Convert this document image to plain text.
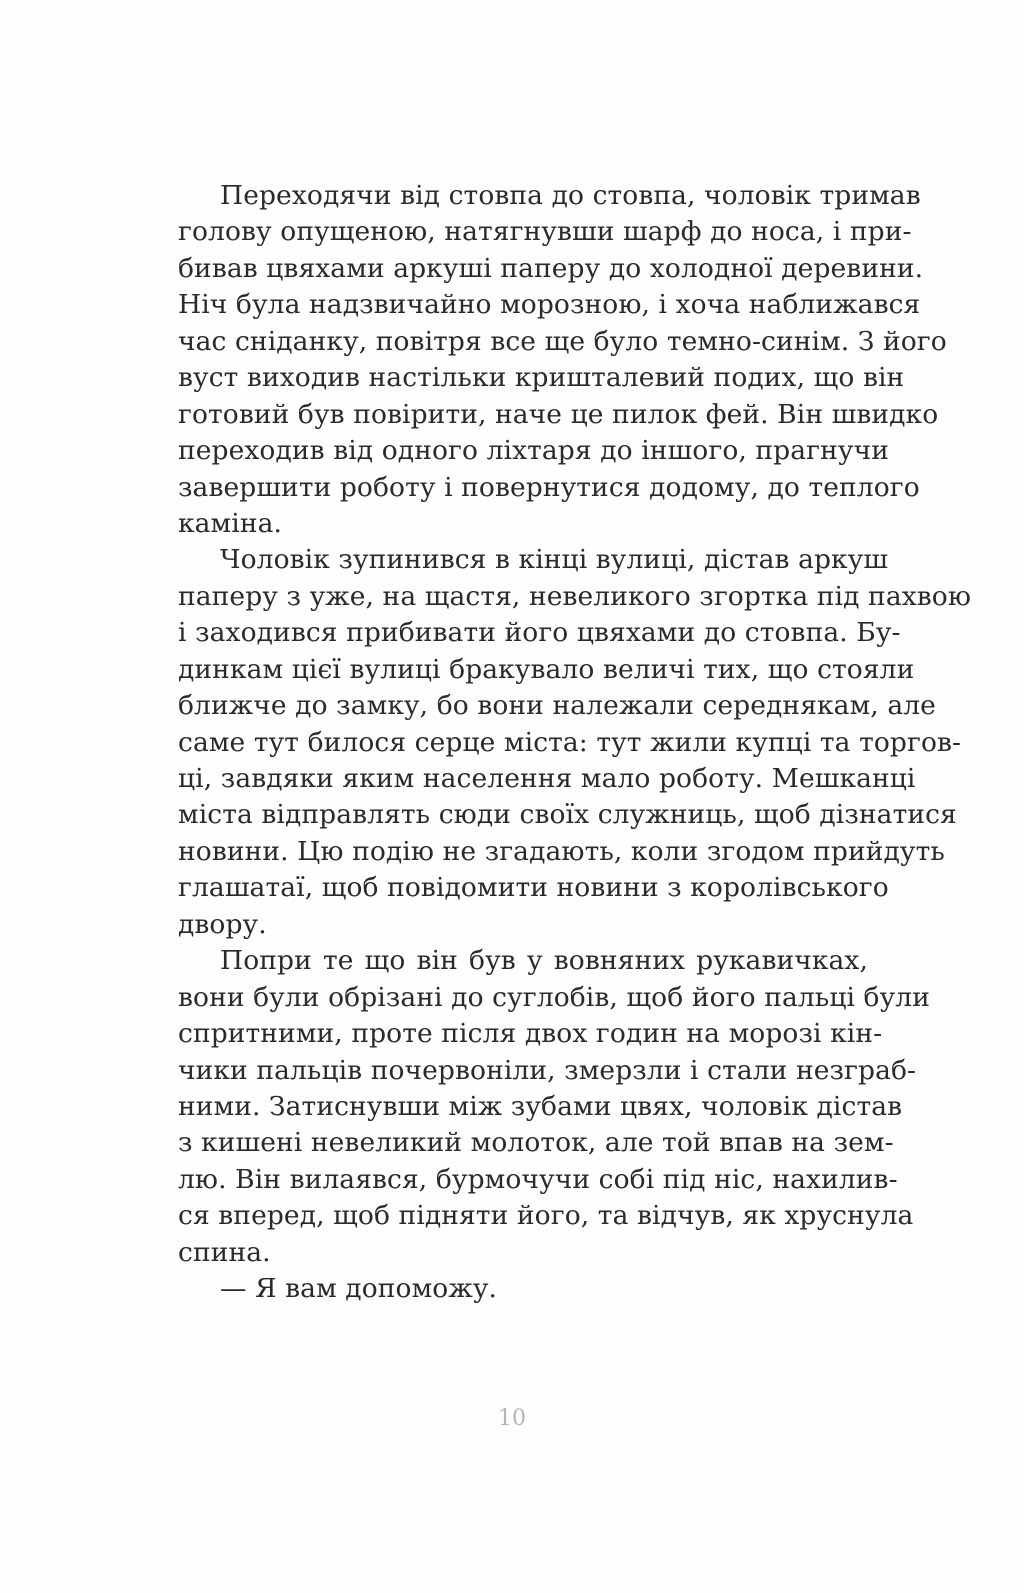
Переходячи від стовпа до стовпа, чоловік тримав
голову опущеною, натягнувши шарф до носа, і при-
бивав цвяхами аркуші паперу до холодної деревини.
Ніч була надзвичайно морозною, і хоча наближався
час сніданку, повітря все ще було темно-синім. З його
вуст виходив настільки кришталевий подих, що він
готовий був повірити, наче це пилок фей. Він швидко
переходив від одного ліхтаря до іншого, прагнучи
завершити роботу і повернутися додому, до теплого
каміна.
Чоловік зупинився в кінці вулиці, дістав аркуш
паперу з уже, на щастя, невеликого згортка під пахвою
і заходився прибивати його цвяхами до стовпа. Бу-
динкам цієї вулиці бракувало величі тих, що стояли
ближче до замку, бо вони належали середнякам, але
саме тут билося серце міста: тут жили купці та торгов-
ці, завдяки яким населення мало роботу. Мешканці
міста відправлять сюди своїх служниць, щоб дізнатися
новини. Цю подію не згадають, коли згодом прийдуть
глашатаї, щоб повідомити новини з королівського
двору.
Попри те що він був у вовняних рукавичках,
вони були обрізані до суглобів, щоб його пальці були
спритними, проте після двох годин на морозі кін-
чики пальців почервоніли, змерзли і стали незграб-
ними. Затиснувши між зубами цвях, чоловік дістав
з кишені невеликий молоток, але той впав на зем-
лю. Він вилаявся, бурмочучи собі під ніс, нахилив-
ся вперед, щоб підняти його, та відчув, як хруснула
спина.
— Я вам допоможу.
10
